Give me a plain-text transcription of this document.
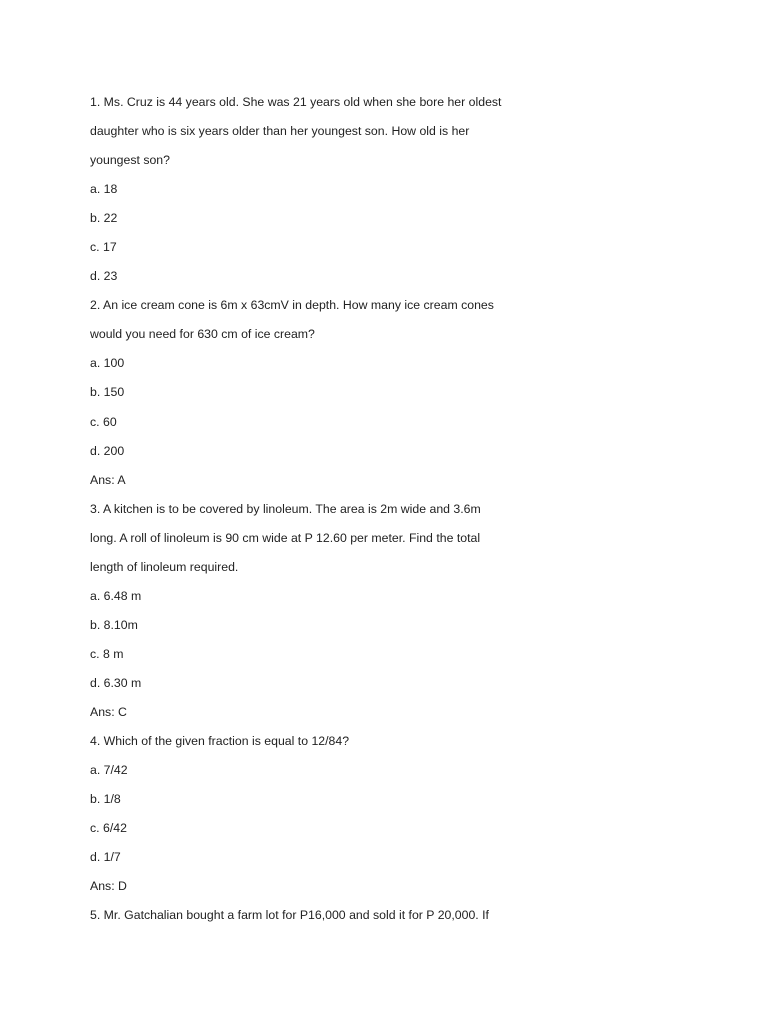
1. Ms. Cruz is 44 years old. She was 21 years old when she bore her oldest
daughter who is six years older than her youngest son. How old is her
youngest son?
a. 18
b. 22
c. 17
d. 23
2. An ice cream cone is 6m x 63cmV in depth. How many ice cream cones
would you need for 630 cm of ice cream?
a. 100
b. 150
c. 60
d. 200
Ans: A
3. A kitchen is to be covered by linoleum. The area is 2m wide and 3.6m
long. A roll of linoleum is 90 cm wide at P 12.60 per meter. Find the total
length of linoleum required.
a. 6.48 m
b. 8.10m
c. 8 m
d. 6.30 m
Ans: C
4. Which of the given fraction is equal to 12/84?
a. 7/42
b. 1/8
c. 6/42
d. 1/7
Ans: D
5. Mr. Gatchalian bought a farm lot for P16,000 and sold it for P 20,000. If
